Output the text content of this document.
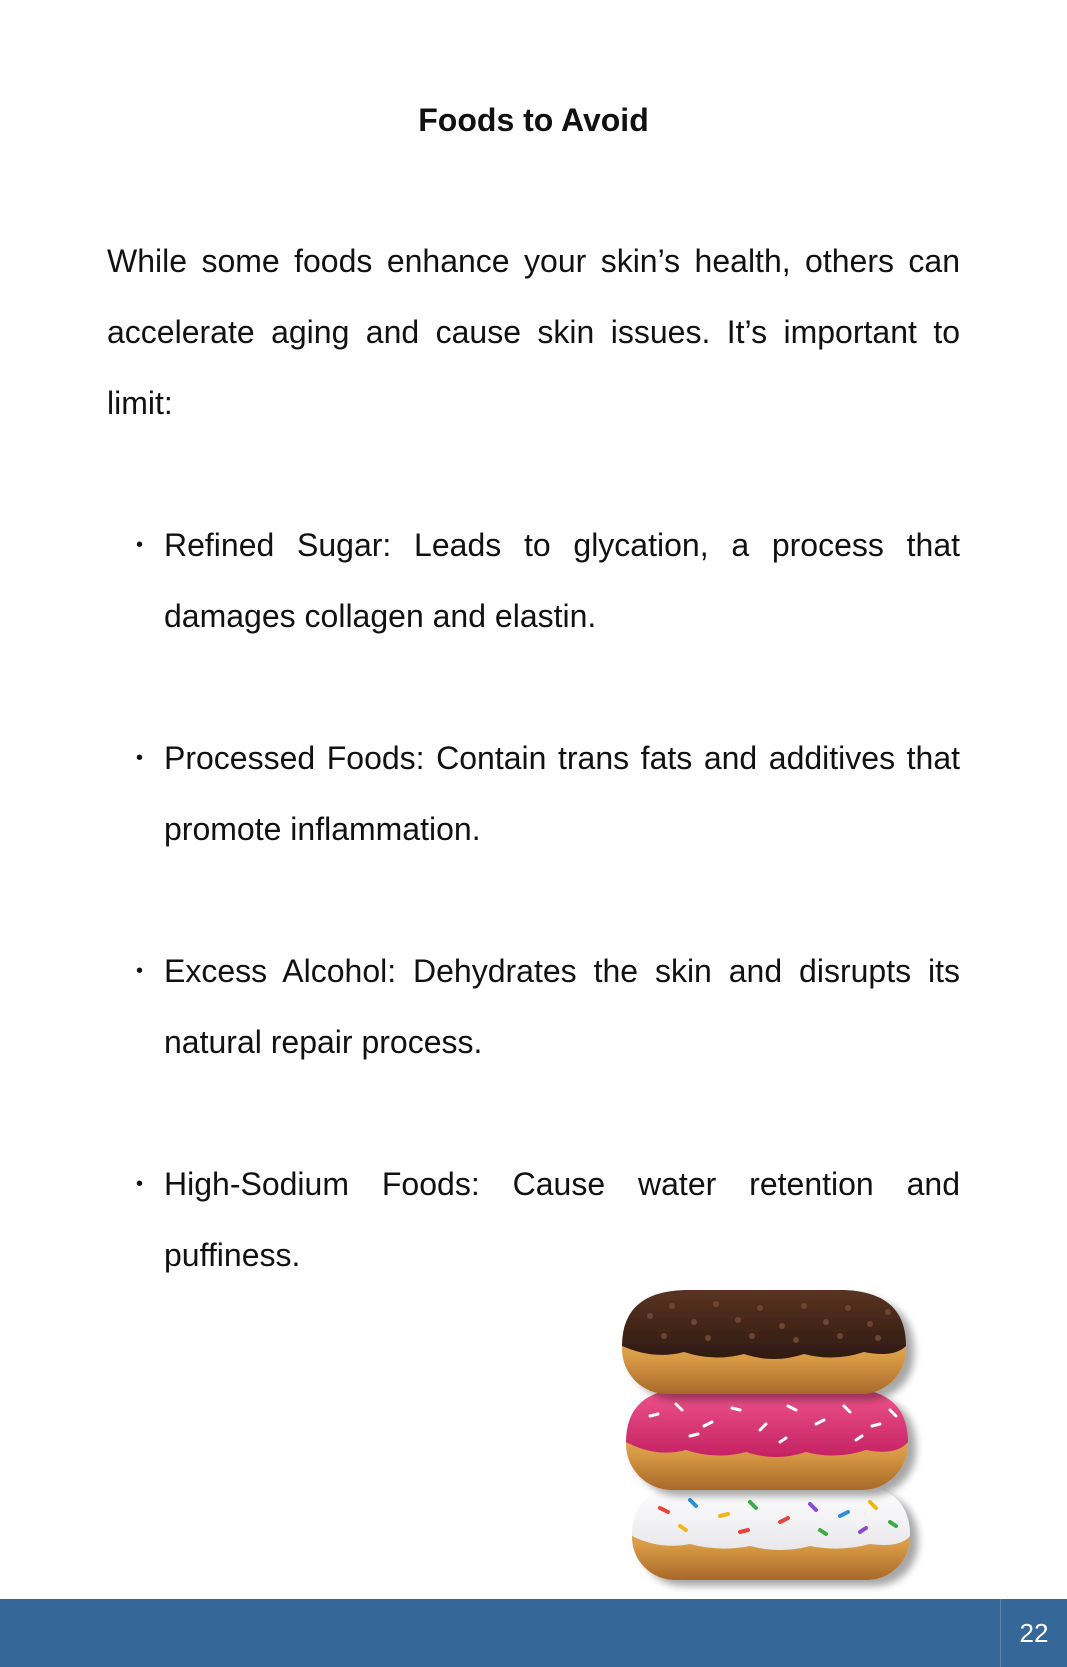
Foods to Avoid

While some foods enhance your skin’s health, others can accelerate aging and cause skin issues. It’s important to limit:

• Refined Sugar: Leads to glycation, a process that damages collagen and elastin.
• Processed Foods: Contain trans fats and additives that promote inflammation.
• Excess Alcohol: Dehydrates the skin and disrupts its natural repair process.
• High-Sodium Foods: Cause water retention and puffiness.
22
